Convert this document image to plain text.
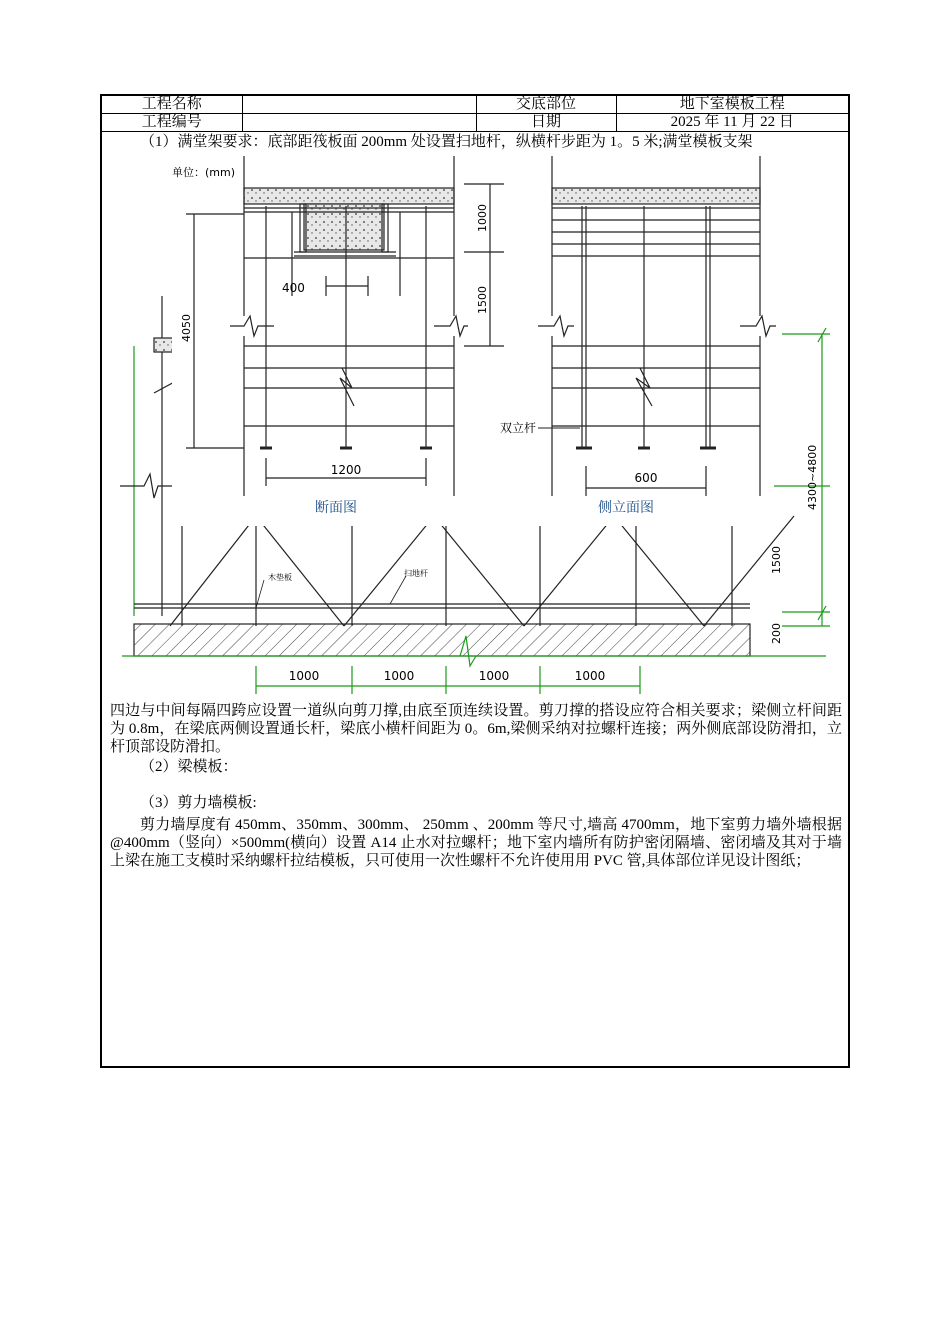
工程名称		交底部位	地下室模板工程
工程编号		日期	2025 年 11 月 22 日
（1）满堂架要求：底部距筏板面 200mm 处设置扫地杆，纵横杆步距为 1。5 米;满堂模板支架
木垫板	扫地杆
4300~4800
1500
200
1000	1000	1000	1000
单位：(mm)
4050
400
1200
1000
1500
断面图
双立杆
600
侧立面图
四边与中间每隔四跨应设置一道纵向剪刀撑,由底至顶连续设置。剪刀撑的搭设应符合相关要求；梁侧立杆间距为 0.8m，在梁底两侧设置通长杆，梁底小横杆间距为 0。6m,梁侧采纳对拉螺杆连接；两外侧底部设防滑扣，立杆顶部设防滑扣。
（2）梁模板：
（3）剪力墙模板:
剪力墙厚度有 450mm、350mm、300mm、 250mm 、200mm 等尺寸,墙高 4700mm，地下室剪力墙外墙根据@400mm（竖向）×500mm(横向）设置 A14 止水对拉螺杆；地下室内墙所有防护密闭隔墙、密闭墙及其对于墙上梁在施工支模时采纳螺杆拉结模板，只可使用一次性螺杆不允许使用用 PVC 管,具体部位详见设计图纸；
